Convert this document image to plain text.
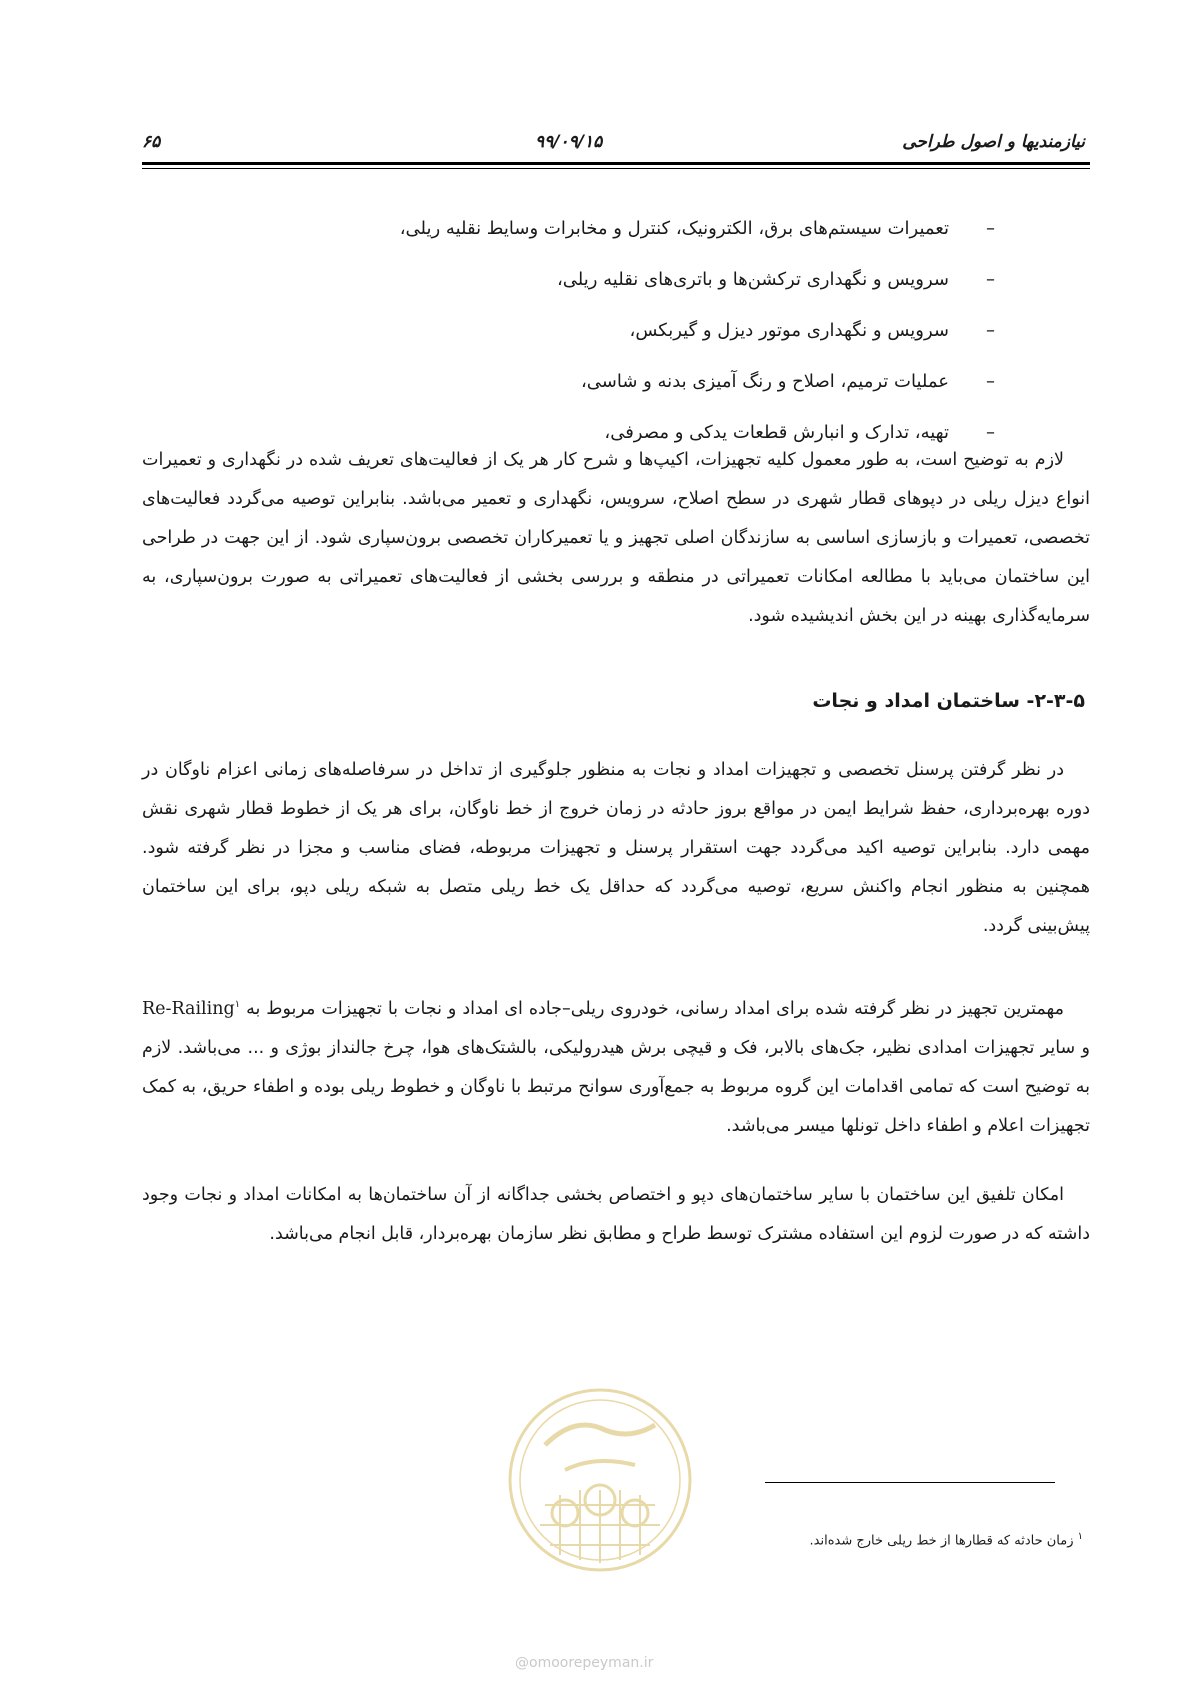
نیازمندیها و اصول طراحی
۹۹/۰۹/۱۵
۶۵
–تعمیرات سیستم‌های برق، الکترونیک، کنترل و مخابرات وسایط نقلیه ریلی،
–سرویس و نگهداری ترکشن‌ها و باتری‌های نقلیه ریلی،
–سرویس و نگهداری موتور دیزل و گیربکس،
–عملیات ترمیم، اصلاح و رنگ آمیزی بدنه و شاسی،
–تهیه، تدارک و انبارش قطعات یدکی و مصرفی،

لازم به توضیح است، به طور معمول کلیه تجهیزات، اکیپ‌ها و شرح کار هر یک از فعالیت‌های تعریف شده در نگهداری و تعمیرات انواع دیزل ریلی در دپوهای قطار شهری در سطح اصلاح، سرویس، نگهداری و تعمیر می‌باشد. بنابراین توصیه می‌گردد فعالیت‌های تخصصی، تعمیرات و بازسازی اساسی به سازندگان اصلی تجهیز و یا تعمیرکاران تخصصی برون‌سپاری شود. از این جهت در طراحی این ساختمان می‌باید با مطالعه امکانات تعمیراتی در منطقه و بررسی بخشی از فعالیت‌های تعمیراتی به صورت برون‌سپاری، به سرمایه‌گذاری بهینه در این بخش اندیشیده شود.

۲-۳-۵- ساختمان امداد و نجات

در نظر گرفتن پرسنل تخصصی و تجهیزات امداد و نجات به منظور جلوگیری از تداخل در سرفاصله‌های زمانی اعزام ناوگان در دوره بهره‌برداری، حفظ شرایط ایمن در مواقع بروز حادثه در زمان خروج از خط ناوگان، برای هر یک از خطوط قطار شهری نقش مهمی دارد. بنابراین توصیه اکید می‌گردد جهت استقرار پرسنل و تجهیزات مربوطه، فضای مناسب و مجزا در نظر گرفته شود. همچنین به منظور انجام واکنش سریع، توصیه می‌گردد که حداقل یک خط ریلی متصل به شبکه ریلی دپو، برای این ساختمان پیش‌بینی گردد.

مهمترین تجهیز در نظر گرفته شده برای امداد رسانی، خودروی ریلی–جاده ای امداد و نجات با تجهیزات مربوط به Re-Railing$^۱$ و سایر تجهیزات امدادی نظیر، جک‌های بالابر، فک و قیچی برش هیدرولیکی، بالشتک‌های هوا، چرخ جالنداز بوژی و ... می‌باشد. لازم به توضیح است که تمامی اقدامات این گروه مربوط به جمع‌آوری سوانح مرتبط با ناوگان و خطوط ریلی بوده و اطفاء حریق، به کمک تجهیزات اعلام و اطفاء داخل تونلها میسر می‌باشد.

امکان تلفیق این ساختمان با سایر ساختمان‌های دپو و اختصاص بخشی جداگانه از آن ساختمان‌ها به امکانات امداد و نجات وجود داشته که در صورت لزوم این استفاده مشترک توسط طراح و مطابق نظر سازمان بهره‌بردار، قابل انجام می‌باشد.

@omoorepeyman.ir

$^۱$ زمان حادثه که قطارها از خط ریلی خارج شده‌اند.
